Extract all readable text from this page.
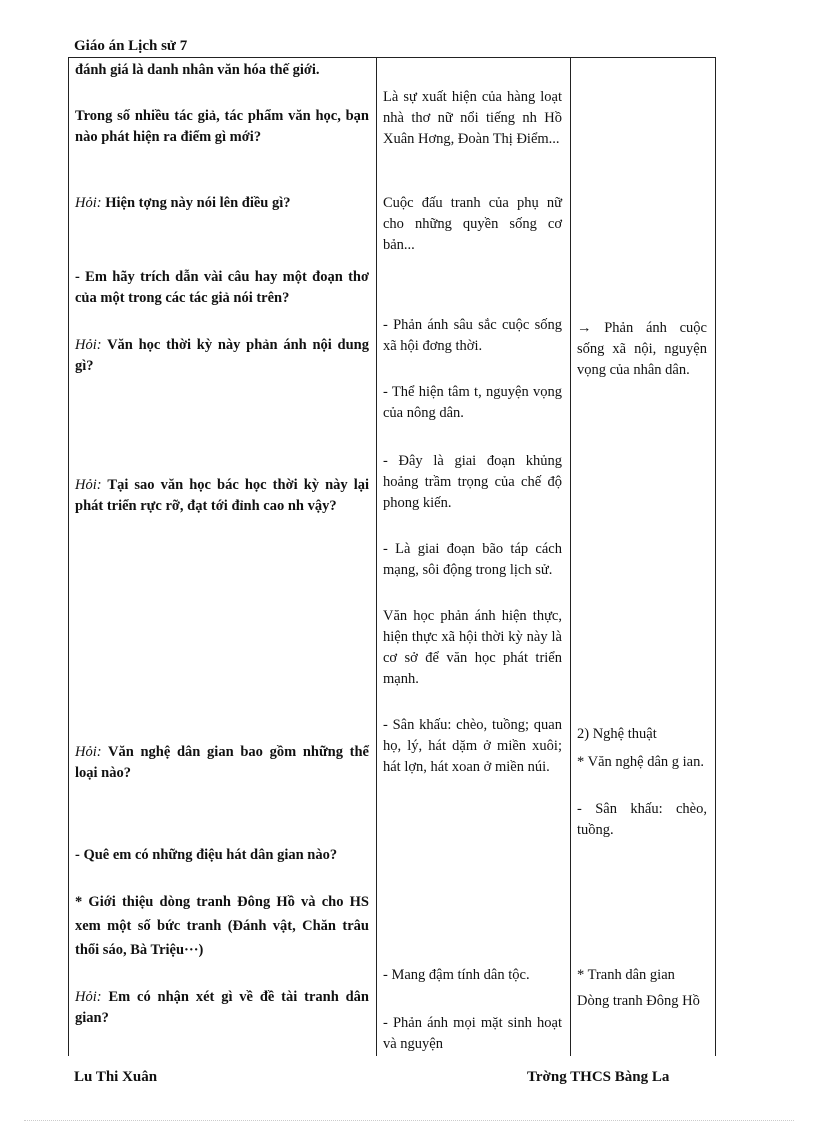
Giáo án Lịch sử 7
đánh giá là danh nhân văn hóa thế giới.
Trong số nhiều tác giả, tác phẩm văn học, bạn nào phát hiện ra điểm gì mới?
Hỏi: Hiện tợng này nói lên điều gì?
- Em hãy trích dẫn vài câu hay một đoạn thơ của một trong các tác giả nói trên?
Hỏi: Văn học thời kỳ này phản ánh nội dung gì?
Hỏi: Tại sao văn học bác học thời kỳ này lại phát triển rực rỡ, đạt tới đỉnh cao nh vậy?
Hỏi: Văn nghệ dân gian bao gồm những thể loại nào?
- Quê em có những điệu hát dân gian nào?
* Giới thiệu dòng tranh Đông Hồ và cho HS xem một số bức tranh (Đánh vật, Chăn trâu thổi sáo, Bà Triệu···)
Hỏi: Em có nhận xét gì về đề tài tranh dân gian?
Là sự xuất hiện của hàng loạt nhà thơ nữ nổi tiếng nh Hồ Xuân Hơng, Đoàn Thị Điểm...
Cuộc đấu tranh của phụ nữ cho những quyền sống cơ bản...
- Phản ánh sâu sắc cuộc sống xã hội đơng thời.
- Thể hiện tâm t, nguyện vọng của nông dân.
- Đây là giai đoạn khủng hoảng trầm trọng của chế độ phong kiến.
- Là giai đoạn bão táp cách mạng, sôi động trong lịch sử.
Văn học phản ánh hiện thực, hiện thực xã hội thời kỳ này là cơ sở để văn học phát triển mạnh.
- Sân khấu: chèo, tuồng; quan họ, lý, hát dặm ở miền xuôi; hát lợn, hát xoan ở miền núi.
- Mang đậm tính dân tộc.
- Phản ánh mọi mặt sinh hoạt và nguyện
→ Phản ánh cuộc sống xã nội, nguyện vọng của nhân dân.
2) Nghệ thuật
* Văn nghệ dân g ian.
- Sân khấu: chèo, tuồng.
* Tranh dân gian
Dòng tranh Đông Hồ
Lu Thi Xuân	Trờng THCS Bàng La
